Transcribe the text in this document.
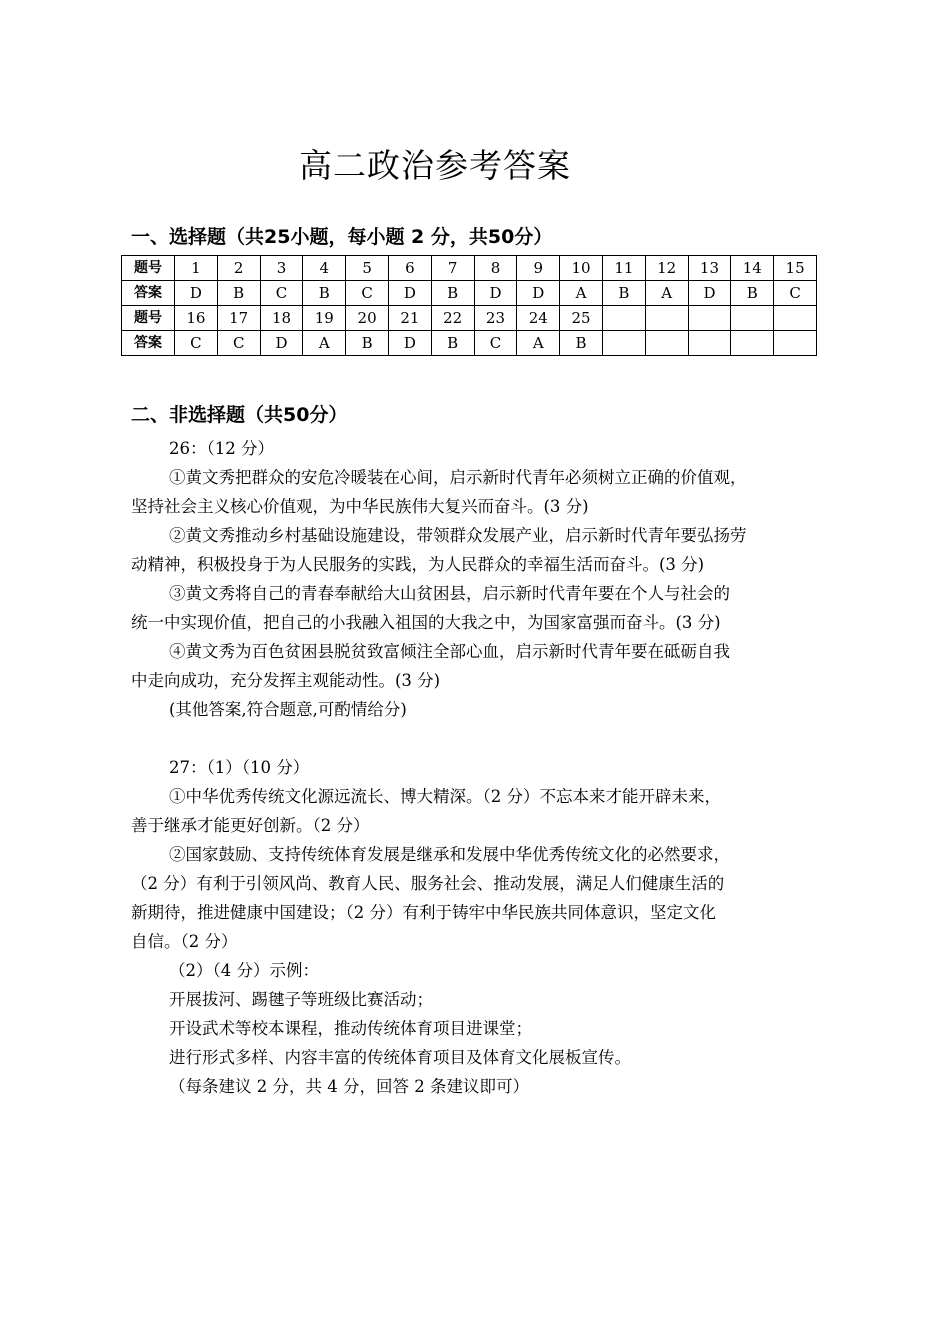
高二政治参考答案
一、选择题（共25小题，每小题 2 分，共50分）
题号	1	2	3	4	5	6	7	8	9	10	11	12	13	14	15
答案	D	B	C	B	C	D	B	D	D	A	B	A	D	B	C
题号	16	17	18	19	20	21	22	23	24	25					
答案	C	C	D	A	B	D	B	C	A	B					
二、非选择题（共50分）
26：（12 分）
①黄文秀把群众的安危冷暖装在心间，启示新时代青年必须树立正确的价值观，
坚持社会主义核心价值观，为中华民族伟大复兴而奋斗。(3 分)
②黄文秀推动乡村基础设施建设，带领群众发展产业，启示新时代青年要弘扬劳
动精神，积极投身于为人民服务的实践，为人民群众的幸福生活而奋斗。(3 分)
③黄文秀将自己的青春奉献给大山贫困县，启示新时代青年要在个人与社会的
统一中实现价值，把自己的小我融入祖国的大我之中，为国家富强而奋斗。(3 分)
④黄文秀为百色贫困县脱贫致富倾注全部心血，启示新时代青年要在砥砺自我
中走向成功，充分发挥主观能动性。(3 分)
(其他答案,符合题意,可酌情给分)
27：（1）（10 分）
①中华优秀传统文化源远流长、博大精深。（2 分）不忘本来才能开辟未来，
善于继承才能更好创新。（2 分）
②国家鼓励、支持传统体育发展是继承和发展中华优秀传统文化的必然要求，
（2 分）有利于引领风尚、教育人民、服务社会、推动发展，满足人们健康生活的
新期待，推进健康中国建设；（2 分）有利于铸牢中华民族共同体意识，坚定文化
自信。（2 分）
（2）（4 分）示例：
开展拔河、踢毽子等班级比赛活动；
开设武术等校本课程，推动传统体育项目进课堂；
进行形式多样、内容丰富的传统体育项目及体育文化展板宣传。
（每条建议 2 分，共 4 分，回答 2 条建议即可）
